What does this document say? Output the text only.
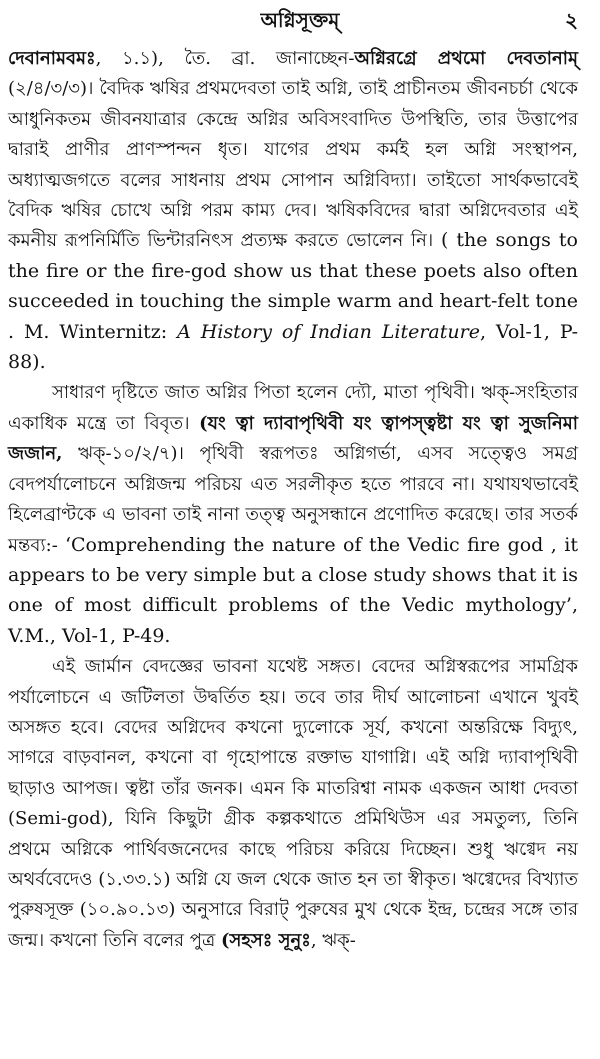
অগ্নিসূক্তম্	২

দেবানামবমঃ, ১.১), তৈ. ব্রা. জানাচ্ছেন-অগ্নিরগ্রে প্রথমো দেবতানাম্ (২/৪/৩/৩)। বৈদিক ঋষির প্রথমদেবতা তাই অগ্নি, তাই প্রাচীনতম জীবনচর্চা থেকে আধুনিকতম জীবনযাত্রার কেন্দ্রে অগ্নির অবিসংবাদিত উপস্থিতি, তার উত্তাপের দ্বারাই প্রাণীর প্রাণস্পন্দন ধৃত। যাগের প্রথম কর্মই হল অগ্নি সংস্থাপন, অধ্যাত্মজগতে বলের সাধনায় প্রথম সোপান অগ্নিবিদ্যা। তাইতো সার্থকভাবেই বৈদিক ঋষির চোখে অগ্নি পরম কাম্য দেব। ঋষিকবিদের দ্বারা অগ্নিদেবতার এই কমনীয় রূপনির্মিতি ভিন্টারনিৎস প্রত্যক্ষ করতে ভোলেন নি। ( the songs to the fire or the fire-god show us that these poets also often succeeded in touching the simple warm and heart-felt tone . M. Winternitz: A History of Indian Literature, Vol-1, P-88).

সাধারণ দৃষ্টিতে জাত অগ্নির পিতা হলেন দ্যৌ, মাতা পৃথিবী। ঋক্-সংহিতার একাধিক মন্ত্রে তা বিবৃত। (যং ত্বা দ্যাবাপৃথিবী যং ত্বাপস্ত্বষ্টা যং ত্বা সুজনিমা জজান, ঋক্-১০/২/৭)। পৃথিবী স্বরূপতঃ অগ্নিগর্ভা, এসব সত্ত্বেও সমগ্র বেদপর্যালোচনে অগ্নিজন্ম পরিচয় এত সরলীকৃত হতে পারবে না। যথাযথভাবেই হিলেব্রাণ্টকে এ ভাবনা তাই নানা তত্ত্ব অনুসন্ধানে প্রণোদিত করেছে। তার সতর্ক মন্তব্য:- ‘Comprehending the nature of the Vedic fire god , it appears to be very simple but a close study shows that it is one of most difficult problems of the Vedic mythology’, V.M., Vol-1, P-49.

এই জার্মান বেদজ্ঞের ভাবনা যথেষ্ট সঙ্গত। বেদের অগ্নিস্বরূপের সামগ্রিক পর্যালোচনে এ জটিলতা উদ্বর্তিত হয়। তবে তার দীর্ঘ আলোচনা এখানে খুবই অসঙ্গত হবে। বেদের অগ্নিদেব কখনো দ্যুলোকে সূর্য, কখনো অন্তরিক্ষে বিদ্যুৎ, সাগরে বাড়বানল, কখনো বা গৃহোপান্তে রক্তাভ যাগাগ্নি। এই অগ্নি দ্যাবাপৃথিবী ছাড়াও আপজ। ত্বষ্টা তাঁর জনক। এমন কি মাতরিশ্বা নামক একজন আধা দেবতা (Semi-god), যিনি কিছুটা গ্রীক কল্পকথাতে প্রমিথিউস এর সমতুল্য, তিনি প্রথমে অগ্নিকে পার্থিবজনেদের কাছে পরিচয় করিয়ে দিচ্ছেন। শুধু ঋগ্বেদ নয় অথর্ববেদেও (১.৩৩.১) অগ্নি যে জল থেকে জাত হন তা স্বীকৃত। ঋগ্বেদের বিখ্যাত পুরুষসূক্ত (১০.৯০.১৩) অনুসারে বিরাট্ পুরুষের মুখ থেকে ইন্দ্র, চন্দ্রের সঙ্গে তার জন্ম। কখনো তিনি বলের পুত্র (সহসঃ সূনুঃ, ঋক্-
